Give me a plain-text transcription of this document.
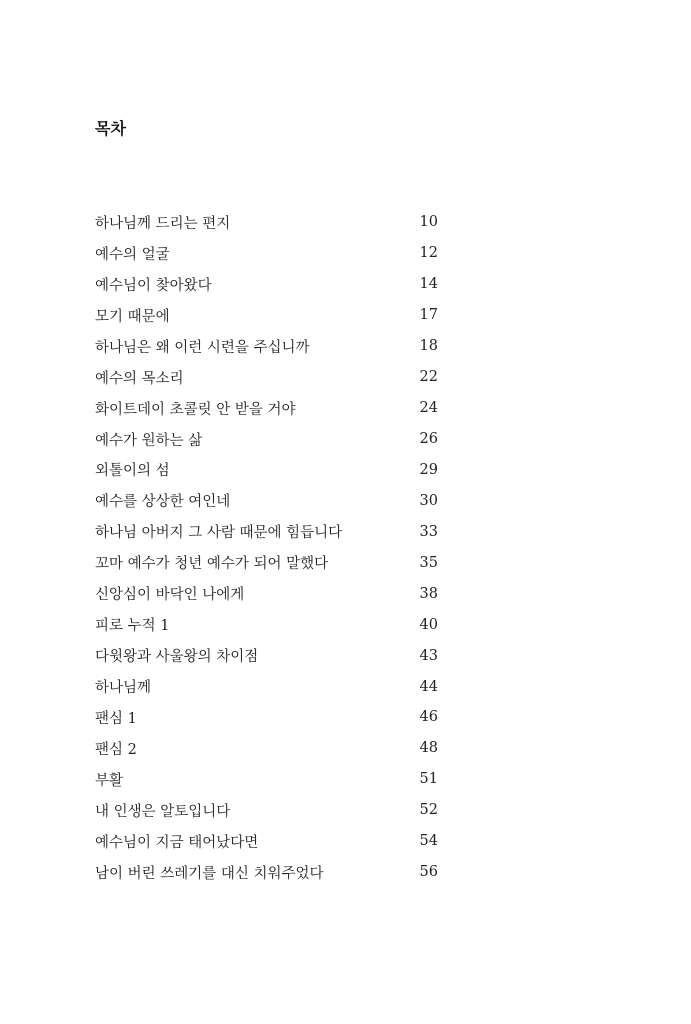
목차
하나님께 드리는 편지	10
예수의 얼굴	12
예수님이 찾아왔다	14
모기 때문에	17
하나님은 왜 이런 시련을 주십니까	18
예수의 목소리	22
화이트데이 초콜릿 안 받을 거야	24
예수가 원하는 삶	26
외톨이의 섬	29
예수를 상상한 여인네	30
하나님 아버지 그 사람 때문에 힘듭니다	33
꼬마 예수가 청년 예수가 되어 말했다	35
신앙심이 바닥인 나에게	38
피로 누적 1	40
다윗왕과 사울왕의 차이점	43
하나님께	44
팬심 1	46
팬심 2	48
부활	51
내 인생은 알토입니다	52
예수님이 지금 태어났다면	54
남이 버린 쓰레기를 대신 치워주었다	56
